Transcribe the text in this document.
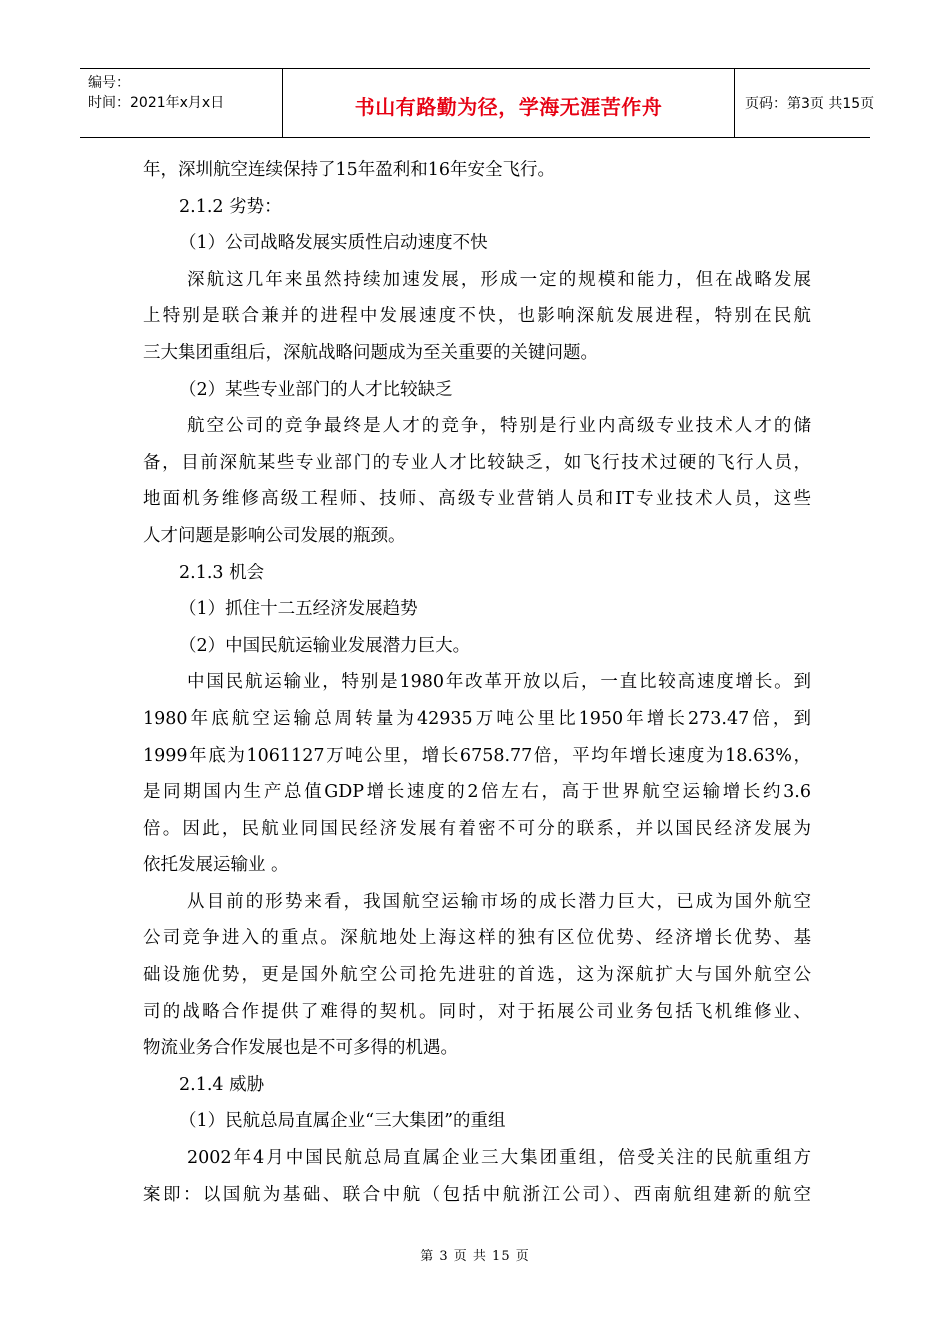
编号：
时间：2021年x月x日	书山有路勤为径，学海无涯苦作舟	页码：第3页 共15页
年，深圳航空连续保持了15年盈利和16年安全飞行。
2.1.2 劣势：
（1）公司战略发展实质性启动速度不快
深航这几年来虽然持续加速发展，形成一定的规模和能力，但在战略发展
上特别是联合兼并的进程中发展速度不快，也影响深航发展进程，特别在民航
三大集团重组后，深航战略问题成为至关重要的关键问题。
（2）某些专业部门的人才比较缺乏
航空公司的竞争最终是人才的竞争，特别是行业内高级专业技术人才的储
备，目前深航某些专业部门的专业人才比较缺乏，如飞行技术过硬的飞行人员，
地面机务维修高级工程师、技师、高级专业营销人员和IT专业技术人员，这些
人才问题是影响公司发展的瓶颈。
2.1.3 机会
（1）抓住十二五经济发展趋势
（2）中国民航运输业发展潜力巨大。
中国民航运输业，特别是1980年改革开放以后，一直比较高速度增长。到
1980年底航空运输总周转量为42935万吨公里比1950年增长273.47倍，到
1999年底为1061127万吨公里，增长6758.77倍，平均年增长速度为18.63%，
是同期国内生产总值GDP增长速度的2倍左右，高于世界航空运输增长约3.6
倍。因此，民航业同国民经济发展有着密不可分的联系，并以国民经济发展为
依托发展运输业 。
从目前的形势来看，我国航空运输市场的成长潜力巨大，已成为国外航空
公司竞争进入的重点。深航地处上海这样的独有区位优势、经济增长优势、基
础设施优势，更是国外航空公司抢先进驻的首选，这为深航扩大与国外航空公
司的战略合作提供了难得的契机。同时，对于拓展公司业务包括飞机维修业、
物流业务合作发展也是不可多得的机遇。
2.1.4 威胁
（1）民航总局直属企业“三大集团”的重组
2002年4月中国民航总局直属企业三大集团重组，倍受关注的民航重组方
案即：以国航为基础、联合中航（包括中航浙江公司）、西南航组建新的航空
第 3 页 共 15 页
